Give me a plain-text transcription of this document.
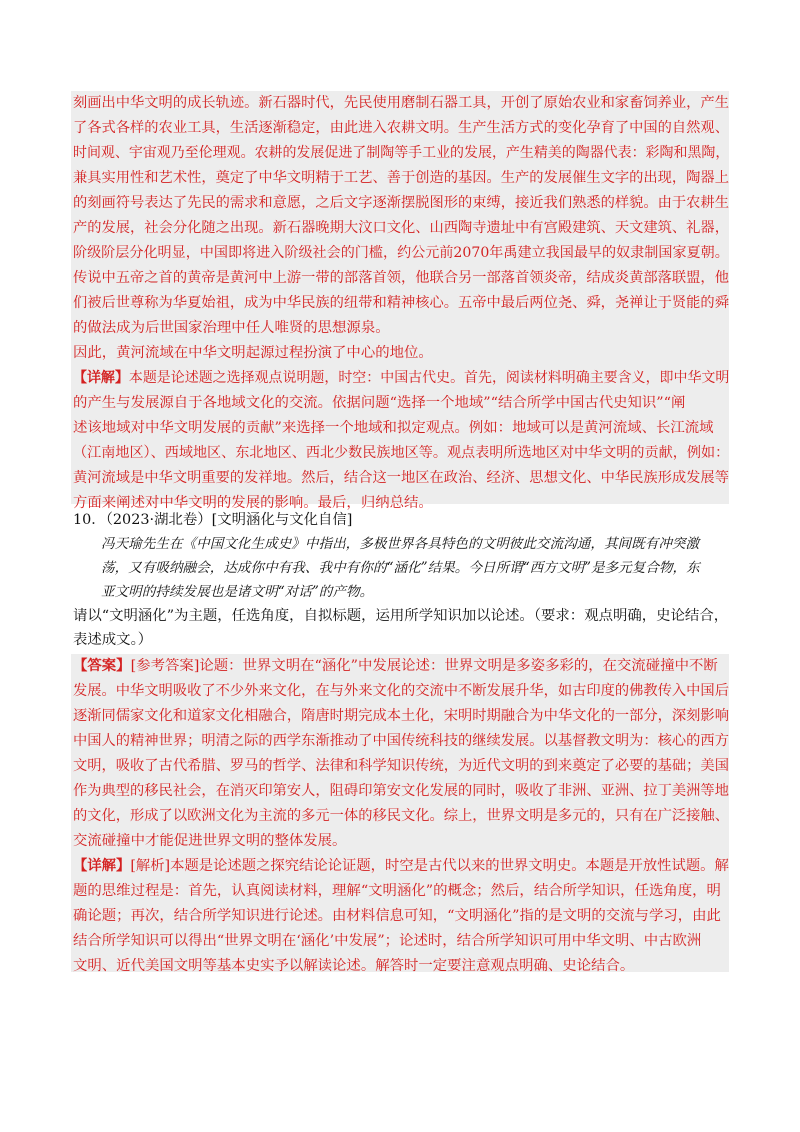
刻画出中华文明的成长轨迹。新石器时代，先民使用磨制石器工具，开创了原始农业和家畜饲养业，产生
了各式各样的农业工具，生活逐渐稳定，由此进入农耕文明。生产生活方式的变化孕育了中国的自然观、
时间观、宇宙观乃至伦理观。农耕的发展促进了制陶等手工业的发展，产生精美的陶器代表：彩陶和黑陶，
兼具实用性和艺术性，奠定了中华文明精于工艺、善于创造的基因。生产的发展催生文字的出现，陶器上
的刻画符号表达了先民的需求和意愿，之后文字逐渐摆脱图形的束缚，接近我们熟悉的样貌。由于农耕生
产的发展，社会分化随之出现。新石器晚期大汶口文化、山西陶寺遗址中有宫殿建筑、天文建筑、礼器，
阶级阶层分化明显，中国即将进入阶级社会的门槛，约公元前2070年禹建立我国最早的奴隶制国家夏朝。
传说中五帝之首的黄帝是黄河中上游一带的部落首领，他联合另一部落首领炎帝，结成炎黄部落联盟，他
们被后世尊称为华夏始祖，成为中华民族的纽带和精神核心。五帝中最后两位尧、舜，尧禅让于贤能的舜
的做法成为后世国家治理中任人唯贤的思想源泉。
因此，黄河流域在中华文明起源过程扮演了中心的地位。
【详解】本题是论述题之选择观点说明题，时空：中国古代史。首先，阅读材料明确主要含义，即中华文明
的产生与发展源自于各地域文化的交流。依据问题“选择一个地域”“结合所学中国古代史知识”“阐
述该地域对中华文明发展的贡献”来选择一个地域和拟定观点。例如：地域可以是黄河流域、长江流域
（江南地区）、西域地区、东北地区、西北少数民族地区等。观点表明所选地区对中华文明的贡献，例如：
黄河流域是中华文明重要的发祥地。然后，结合这一地区在政治、经济、思想文化、中华民族形成发展等
方面来阐述对中华文明的发展的影响。最后，归纳总结。
10．（2023·湖北卷）[文明涵化与文化自信]
冯天瑜先生在《中国文化生成史》中指出，多极世界各具特色的文明彼此交流沟通，其间既有冲突激
荡，又有吸纳融会，达成你中有我、我中有你的“涵化”结果。今日所谓“西方文明”是多元复合物，东
亚文明的持续发展也是诸文明“对话”的产物。
请以“文明涵化”为主题，任选角度，自拟标题，运用所学知识加以论述。（要求：观点明确，史论结合，
表述成文。）
【答案】[参考答案]论题：世界文明在“涵化”中发展论述：世界文明是多姿多彩的，在交流碰撞中不断
发展。中华文明吸收了不少外来文化，在与外来文化的交流中不断发展升华，如古印度的佛教传入中国后
逐渐同儒家文化和道家文化相融合，隋唐时期完成本土化，宋明时期融合为中华文化的一部分，深刻影响
中国人的精神世界；明清之际的西学东渐推动了中国传统科技的继续发展。以基督教文明为：核心的西方
文明，吸收了古代希腊、罗马的哲学、法律和科学知识传统，为近代文明的到来奠定了必要的基础；美国
作为典型的移民社会，在消灭印第安人，阻碍印第安文化发展的同时，吸收了非洲、亚洲、拉丁美洲等地
的文化，形成了以欧洲文化为主流的多元一体的移民文化。综上，世界文明是多元的，只有在广泛接触、
交流碰撞中才能促进世界文明的整体发展。
【详解】[解析]本题是论述题之探究结论论证题，时空是古代以来的世界文明史。本题是开放性试题。解
题的思维过程是：首先，认真阅读材料，理解“文明涵化”的概念；然后，结合所学知识，任选角度，明
确论题；再次，结合所学知识进行论述。由材料信息可知，“文明涵化”指的是文明的交流与学习，由此
结合所学知识可以得出“世界文明在‘涵化’中发展”；论述时，结合所学知识可用中华文明、中古欧洲
文明、近代美国文明等基本史实予以解读论述。解答时一定要注意观点明确、史论结合。
